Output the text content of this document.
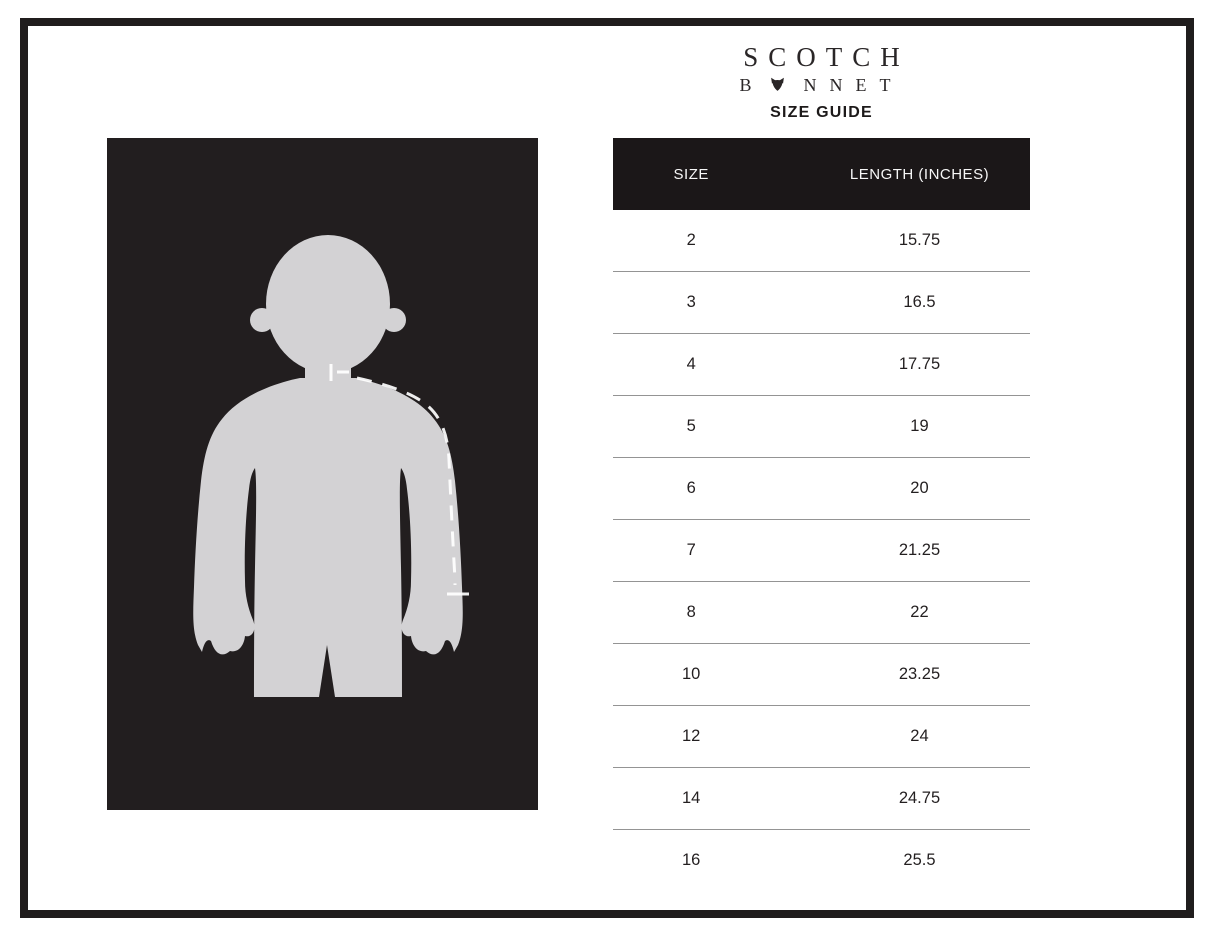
SCOTCH
B	NNET
SIZE GUIDE
SIZE	LENGTH (INCHES)
2	15.75
3	16.5
4	17.75
5	19
6	20
7	21.25
8	22
10	23.25
12	24
14	24.75
16	25.5
